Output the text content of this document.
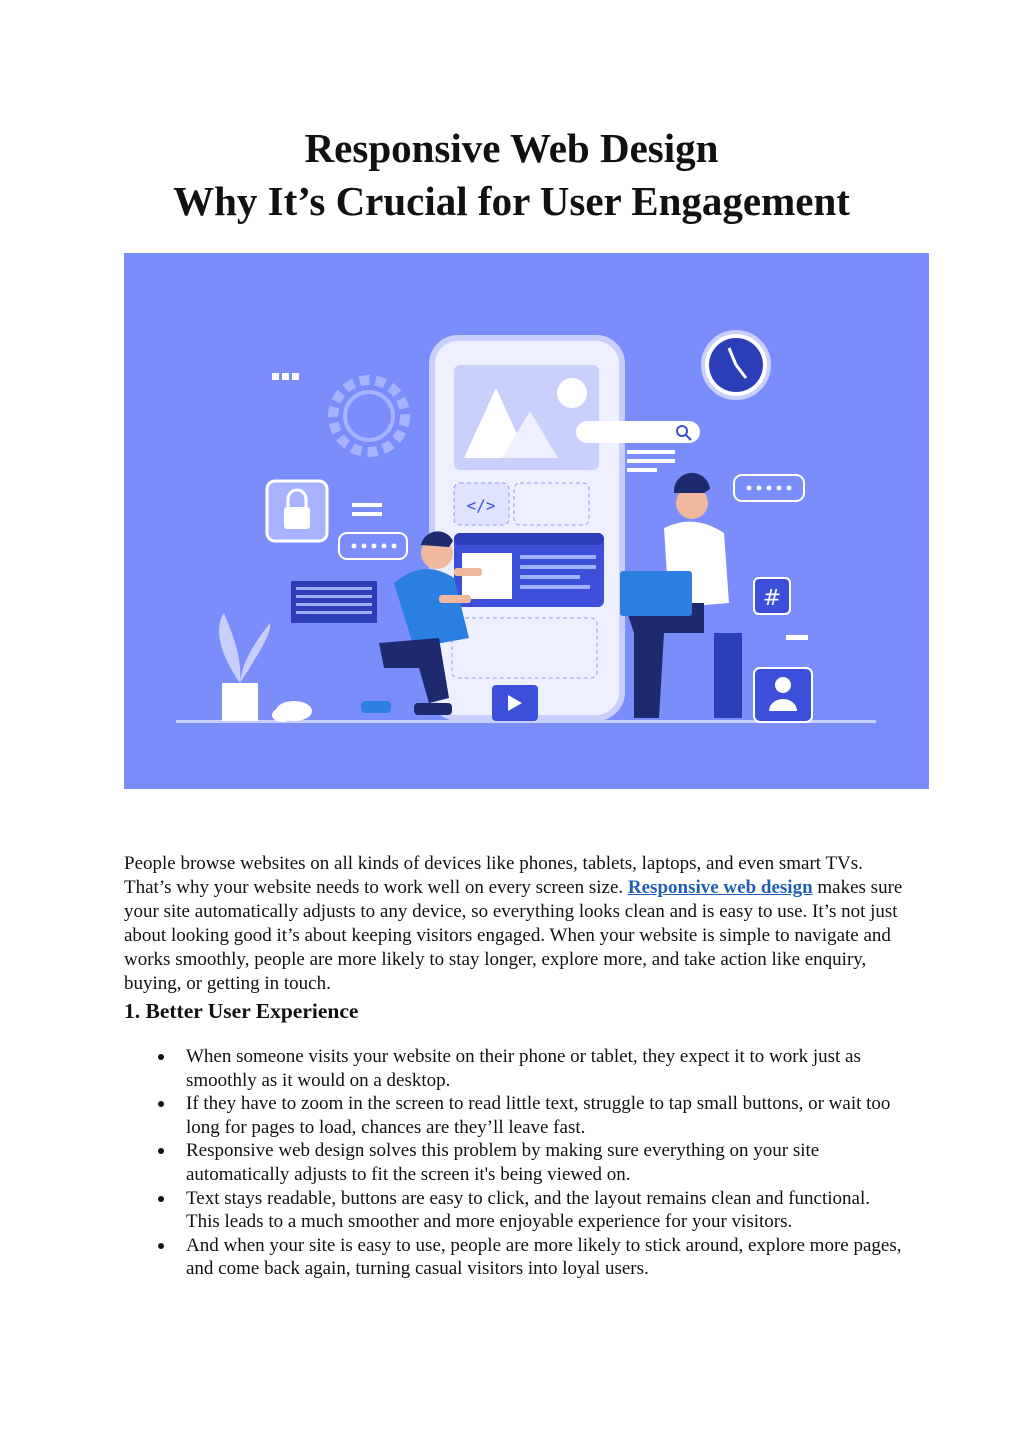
Responsive Web Design

Why It’s Crucial for User Engagement

</>
#

People browse websites on all kinds of devices like phones, tablets, laptops, and even smart TVs. That’s why your website needs to work well on every screen size. Responsive web design makes sure your site automatically adjusts to any device, so everything looks clean and is easy to use. It’s not just about looking good it’s about keeping visitors engaged. When your website is simple to navigate and works smoothly, people are more likely to stay longer, explore more, and take action like enquiry, buying, or getting in touch.

1. Better User Experience
When someone visits your website on their phone or tablet, they expect it to work just as smoothly as it would on a desktop.
If they have to zoom in the screen to read little text, struggle to tap small buttons, or wait too long for pages to load, chances are they’ll leave fast.
Responsive web design solves this problem by making sure everything on your site automatically adjusts to fit the screen it's being viewed on.
Text stays readable, buttons are easy to click, and the layout remains clean and functional. This leads to a much smoother and more enjoyable experience for your visitors.
And when your site is easy to use, people are more likely to stick around, explore more pages, and come back again, turning casual visitors into loyal users.
